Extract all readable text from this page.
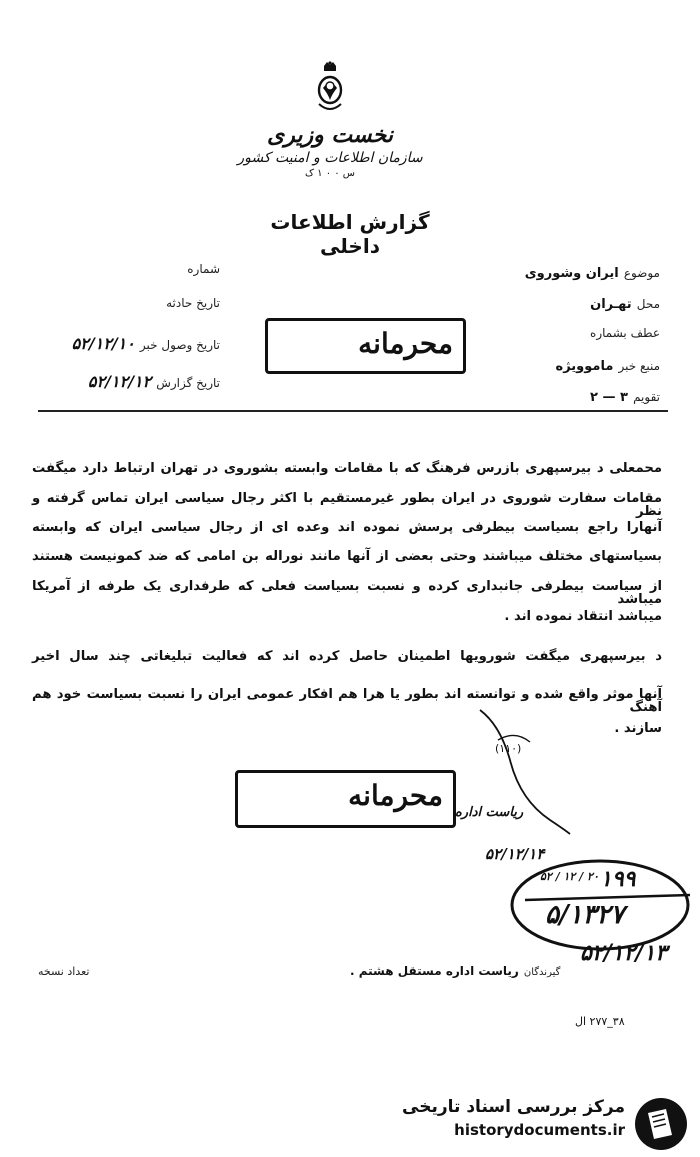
نخست وزیری
سازمان اطلاعات و امنیت کشور
س ۰ ۰ ۱ ک
گزارش اطلاعات داخلی
موضوع ایران وشوروی
محل تهـران
عطف بشماره
منبع خبر ماموویژه
تقویم ۳ — ۲
شماره
تاریخ حادثه
تاریخ وصول خبر ۵۲/۱۲/۱۰
تاریخ گزارش ۵۲/۱۲/۱۲
محرمانه
محمعلی د بیرسپهری بازرس فرهنگ که با مقامات وابسته بشوروی در تهران ارتباط دارد میگفت
مقامات سفارت شوروی در ایران بطور غیرمستقیم با اکثر رجال سیاسی ایران تماس گرفته و نظر
آنهارا راجع بسیاست بیطرفی پرسش نموده اند وعده ای از رجال سیاسی ایران که وابسته
بسیاستهای مختلف میباشند وحتی بعضی از آنها مانند نوراله بن امامی که ضد کمونیست هستند
از سیاست بیطرفی جانبداری کرده و نسبت بسیاست فعلی که طرفداری یک طرفه از آمریکا میباشد
میباشد انتقاد نموده اند .
د بیرسپهری میگفت شورویها اطمینان حاصل کرده اند که فعالیت تبلیغاتی چند سال اخیر
آنها موثر واقع شده و توانسته اند بطور یا هرا هم افکار عمومی ایران را نسبت بسیاست خود هم آهنگ
سازند .
(۱۱۰)
محرمانه
ریاست اداره
۵۲/۱۲/۱۴
۱۹۹
۲۰ / ۱۲ / ۵۲
۵/۱۳۲۷
۵۲/۱۲/۱۳
گیرندگان ریاست اداره مستقل هشتم .
تعداد نسخه
۳۸_۲۷۷ ال
مرکز بررسی اسناد تاریخی
historydocuments.ir
